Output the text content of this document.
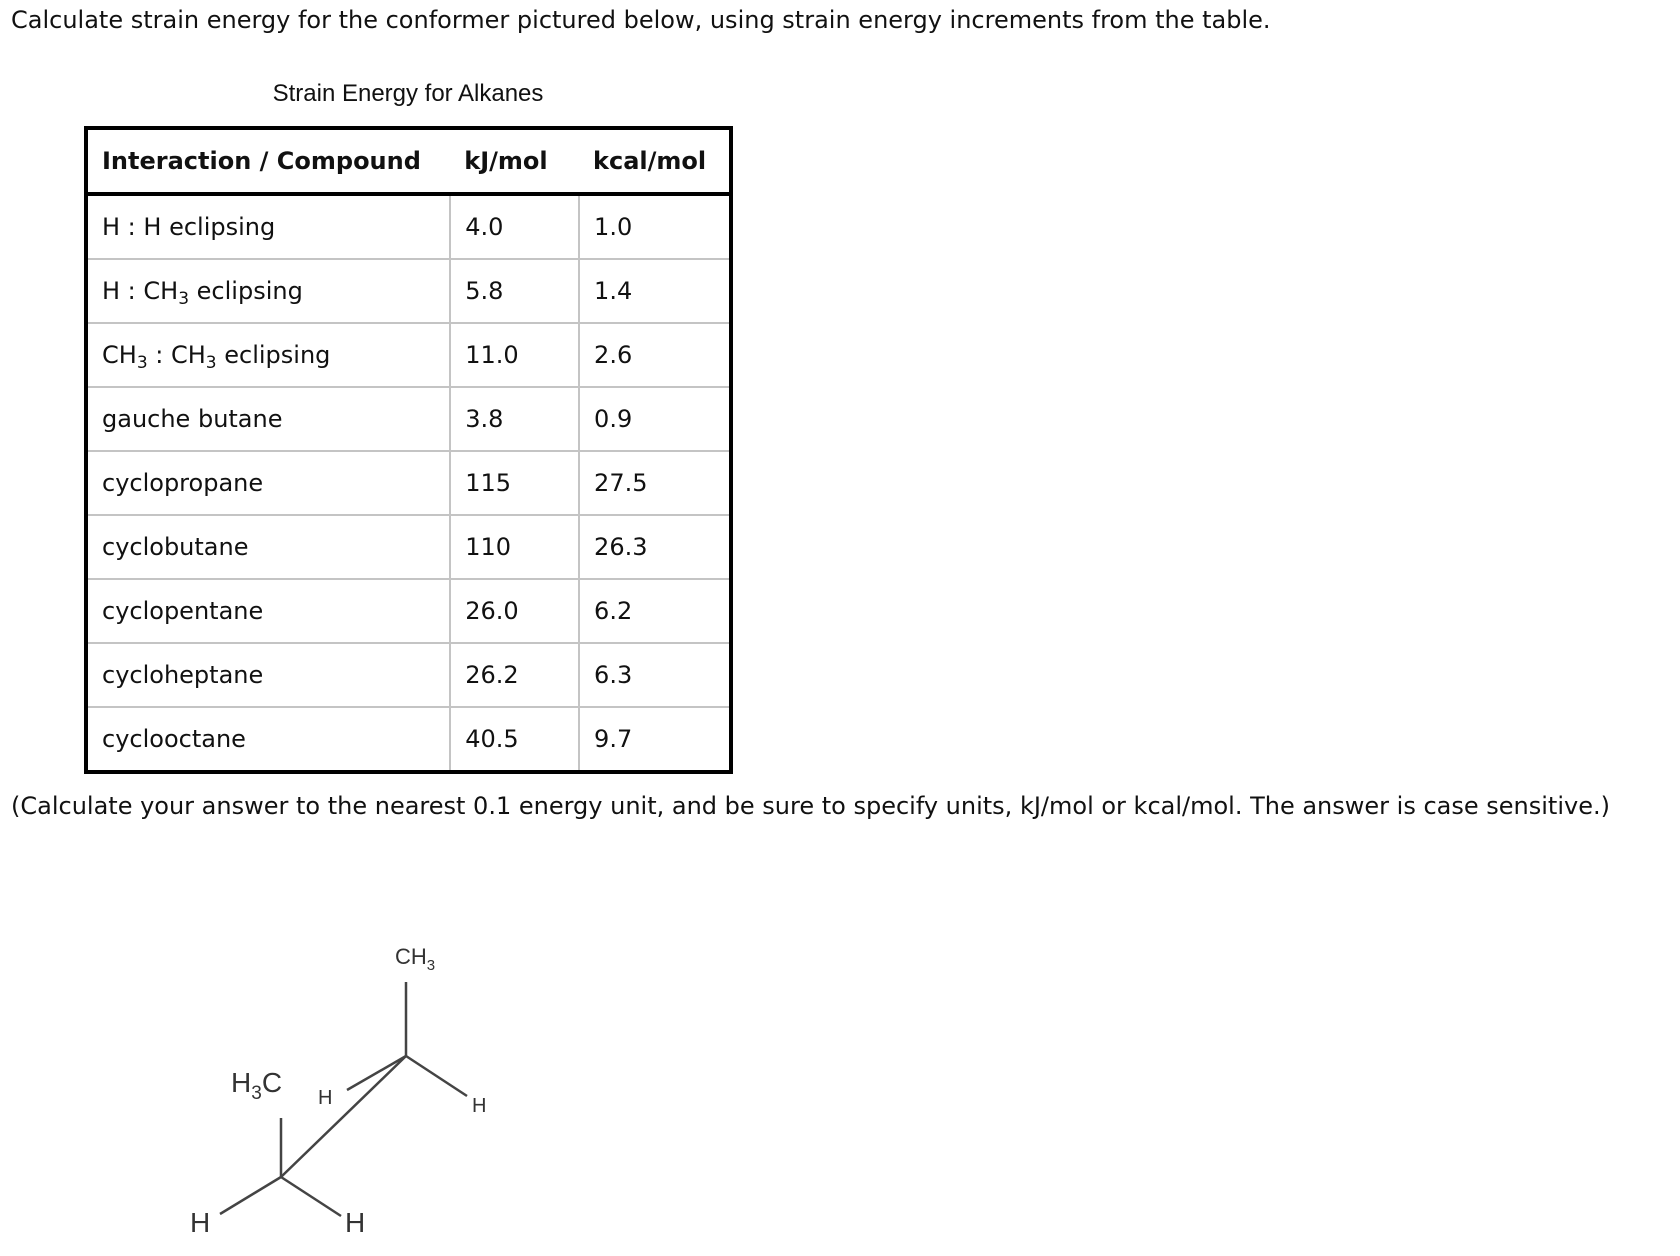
Calculate strain energy for the conformer pictured below, using strain energy increments from the table.
Strain Energy for Alkanes
Interaction / Compound	kJ/mol	kcal/mol
H : H eclipsing	4.0	1.0
H : $CH_3$ eclipsing	5.8	1.4
$CH_3$ : $CH_3$ eclipsing	11.0	2.6
gauche butane	3.8	0.9
cyclopropane	115	27.5
cyclobutane	110	26.3
cyclopentane	26.0	6.2
cycloheptane	26.2	6.3
cyclooctane	40.5	9.7
(Calculate your answer to the nearest 0.1 energy unit, and be sure to specify units, kJ/mol or kcal/mol. The answer is case sensitive.)
$CH_3$
H
$H_3C$ H
H	H
